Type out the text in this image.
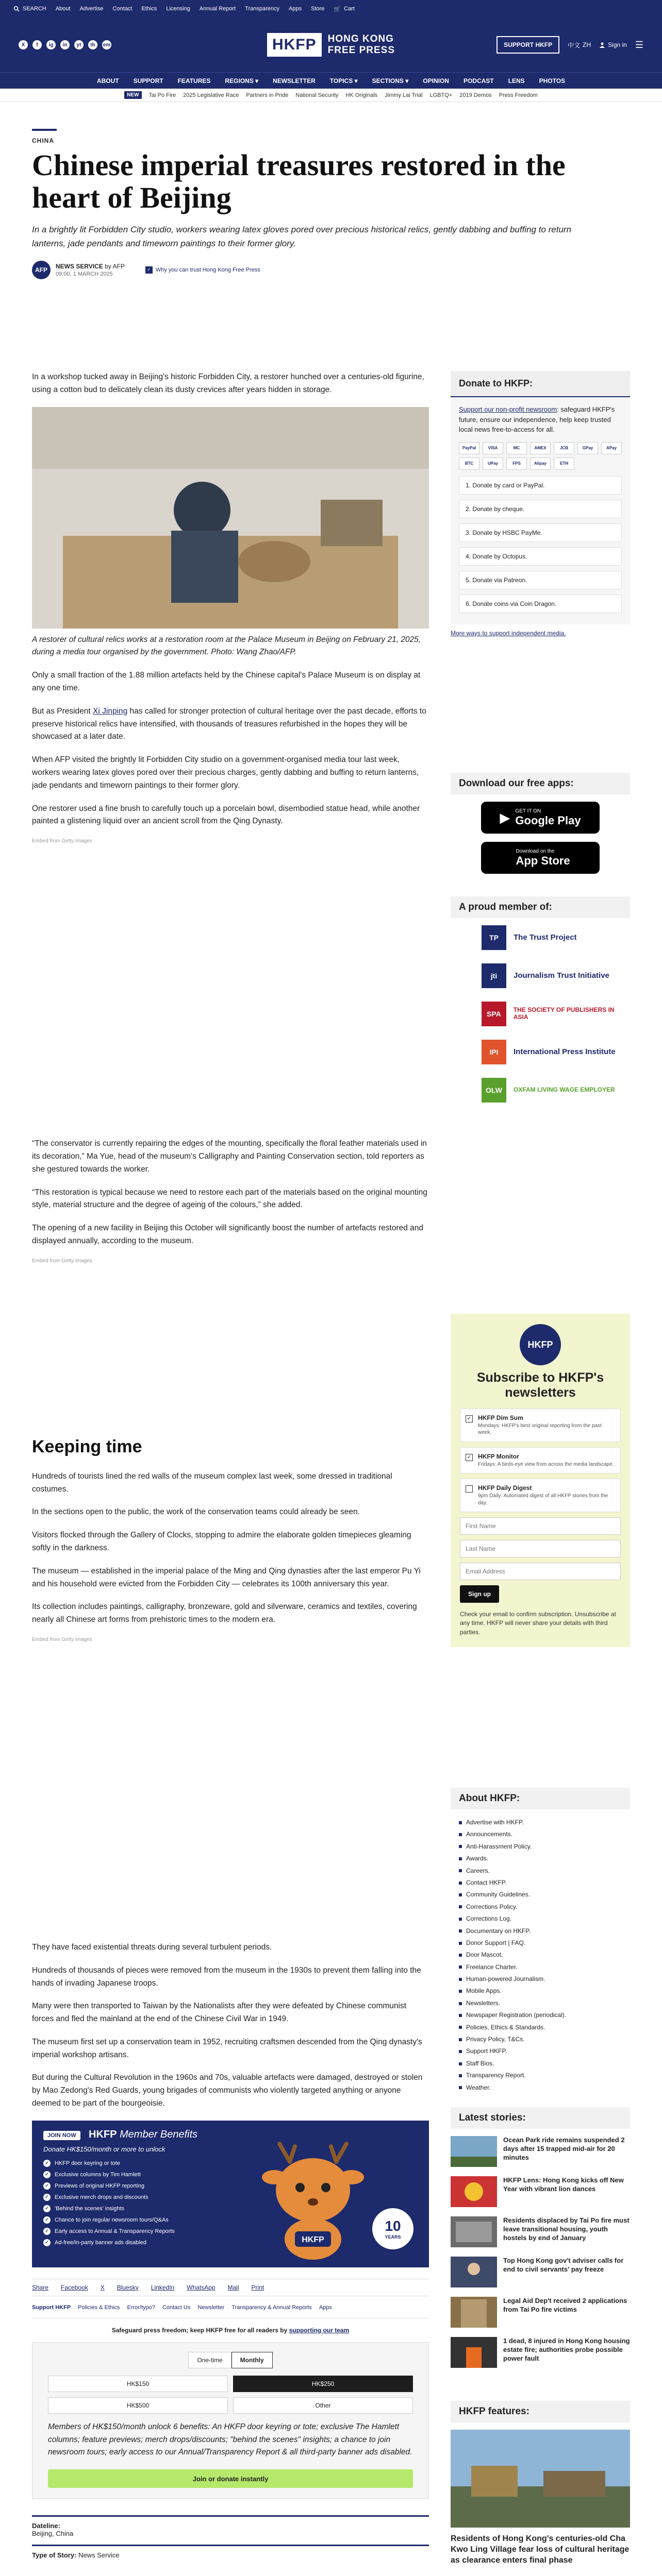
SEARCH About Advertise Contact Ethics Licensing Annual Report Transparency Apps Store 🛒 Cart
X	f	ig	in	yt	th	em	HKFP	HONG KONG
FREE PRESS	SUPPORT HKFP	中文 ZH	Sign in ☰
ABOUT SUPPORT FEATURES REGIONS ▾ NEWSLETTER TOPICS ▾ SECTIONS ▾ OPINION PODCAST LENS PHOTOS
NEW	Tai Po Fire 2025 Legislative Race Partners in Pride National Security HK Originals Jimmy Lai Trial LGBTQ+ 2019 Demos Press Freedom
CHINA
Chinese imperial treasures restored in the heart of Beijing

In a brightly lit Forbidden City studio, workers wearing latex gloves pored over precious historical relics, gently dabbing and buffing to return lanterns, jade pendants and timeworn paintings to their former glory.

AFP	NEWS SERVICE by AFP
09:00, 1 MARCH 2025
✓ Why you can trust Hong Kong Free Press

In a workshop tucked away in Beijing's historic Forbidden City, a restorer hunched over a centuries-old figurine, using a cotton bud to delicately clean its dusty crevices after years hidden in storage.

A restorer of cultural relics works at a restoration room at the Palace Museum in Beijing on February 21, 2025, during a media tour organised by the government. Photo: Wang Zhao/AFP.

Only a small fraction of the 1.88 million artefacts held by the Chinese capital's Palace Museum is on display at any one time.

But as President Xi Jinping has called for stronger protection of cultural heritage over the past decade, efforts to preserve historical relics have intensified, with thousands of treasures refurbished in the hopes they will be showcased at a later date.

When AFP visited the brightly lit Forbidden City studio on a government-organised media tour last week, workers wearing latex gloves pored over their precious charges, gently dabbing and buffing to return lanterns, jade pendants and timeworn paintings to their former glory.

One restorer used a fine brush to carefully touch up a porcelain bowl, disembodied statue head, while another painted a glistening liquid over an ancient scroll from the Qing Dynasty.

Embed from Getty Images

“The conservator is currently repairing the edges of the mounting, specifically the floral feather materials used in its decoration,” Ma Yue, head of the museum's Calligraphy and Painting Conservation section, told reporters as she gestured towards the worker.

“This restoration is typical because we need to restore each part of the materials based on the original mounting style, material structure and the degree of ageing of the colours,” she added.

The opening of a new facility in Beijing this October will significantly boost the number of artefacts restored and displayed annually, according to the museum.

Embed from Getty Images
Keeping time

Hundreds of tourists lined the red walls of the museum complex last week, some dressed in traditional costumes.

In the sections open to the public, the work of the conservation teams could already be seen.

Visitors flocked through the Gallery of Clocks, stopping to admire the elaborate golden timepieces gleaming softly in the darkness.

The museum — established in the imperial palace of the Ming and Qing dynasties after the last emperor Pu Yi and his household were evicted from the Forbidden City — celebrates its 100th anniversary this year.

Its collection includes paintings, calligraphy, bronzeware, gold and silverware, ceramics and textiles, covering nearly all Chinese art forms from prehistoric times to the modern era.

Embed from Getty Images

They have faced existential threats during several turbulent periods.

Hundreds of thousands of pieces were removed from the museum in the 1930s to prevent them falling into the hands of invading Japanese troops.

Many were then transported to Taiwan by the Nationalists after they were defeated by Chinese communist forces and fled the mainland at the end of the Chinese Civil War in 1949.

The museum first set up a conservation team in 1952, recruiting craftsmen descended from the Qing dynasty's imperial workshop artisans.

But during the Cultural Revolution in the 1960s and 70s, valuable artefacts were damaged, destroyed or stolen by Mao Zedong's Red Guards, young brigades of communists who violently targeted anything or anyone deemed to be part of the bourgeoisie.

JOIN NOW	HKFP Member Benefits
Donate HK$150/month or more to unlock
✓ HKFP door keyring or tote
✓ Exclusive columns by Tim Hamlett
✓ Previews of original HKFP reporting
✓ Exclusive merch drops and discounts
✓ 'Behind the scenes' insights
✓ Chance to join regular newsroom tours/Q&As
✓ Early access to Annual & Transparency Reports
✓ Ad-free/in-party banner ads disabled	HKFP
10
YEARS
Share Facebook X Bluesky LinkedIn WhatsApp Mail Print
Support HKFP Policies & Ethics Error/typo? Contact Us Newsletter Transparency & Annual Reports Apps
Safeguard press freedom; keep HKFP free for all readers by supporting our team
One-time	Monthly
HK$150	HK$250
HK$500	Other

Members of HK$150/month unlock 6 benefits: An HKFP door keyring or tote; exclusive The Hamlett columns; feature previews; merch drops/discounts; "behind the scenes" insights; a chance to join newsroom tours; early access to our Annual/Transparency Report & all third-party banner ads disabled.

Join or donate instantly
Dateline:
Beijing, China
Type of Story: News Service
Donate to HKFP:
Support our non-profit newsroom: safeguard HKFP's future, ensure our independence, help keep trusted local news free-to-access for all.
PayPal	VISA	MC	AMEX	JCB	GPay	APay
BTC	UPay	FPS	Alipay	ETH
1. Donate by card or PayPal.
2. Donate by cheque.
3. Donate by HSBC PayMe.
4. Donate by Octopus.
5. Donate via Patreon.
6. Donate coins via Coin Dragon.
More ways to support independent media.
Download our free apps:
▶ GET IT ON
Google Play
Download on the
App Store
A proud member of:
TP	The Trust Project
jti	Journalism Trust Initiative
SPA	THE SOCIETY OF PUBLISHERS IN ASIA
IPI	International Press Institute
OLW	OXFAM LIVING WAGE EMPLOYER
HKFP
Subscribe to HKFP's newsletters
✓ HKFP Dim Sum
Mondays: HKFP's best original reporting from the past week.
✓ HKFP Monitor
Fridays: A birds-eye view from across the media landscape.
HKFP Daily Digest
9pm Daily: Automated digest of all HKFP stories from the day.
First Name Last Name Email Address Sign up

Check your email to confirm subscription. Unsubscribe at any time. HKFP will never share your details with third parties.

About HKFP:
Advertise with HKFP.
Announcements.
Anti-Harassment Policy.
Awards.
Careers.
Contact HKFP.
Community Guidelines.
Corrections Policy.
Corrections Log.
Documentary on HKFP.
Donor Support | FAQ.
Door Mascot.
Freelance Charter.
Human-powered Journalism.
Mobile Apps.
Newsletters.
Newspaper Registration (periodical).
Policies, Ethics & Standards.
Privacy Policy, T&Cs.
Support HKFP.
Staff Bios.
Transparency Report.
Weather.
Latest stories:
Ocean Park ride remains suspended 2 days after 15 trapped mid-air for 20 minutes
HKFP Lens: Hong Kong kicks off New Year with vibrant lion dances
Residents displaced by Tai Po fire must leave transitional housing, youth hostels by end of January
Top Hong Kong gov't adviser calls for end to civil servants' pay freeze
Legal Aid Dep't received 2 applications from Tai Po fire victims
1 dead, 8 injured in Hong Kong housing estate fire; authorities probe possible power fault
HKFP features:
Residents of Hong Kong's centuries-old Cha Kwo Ling Village fear loss of cultural heritage as clearance enters final phase
